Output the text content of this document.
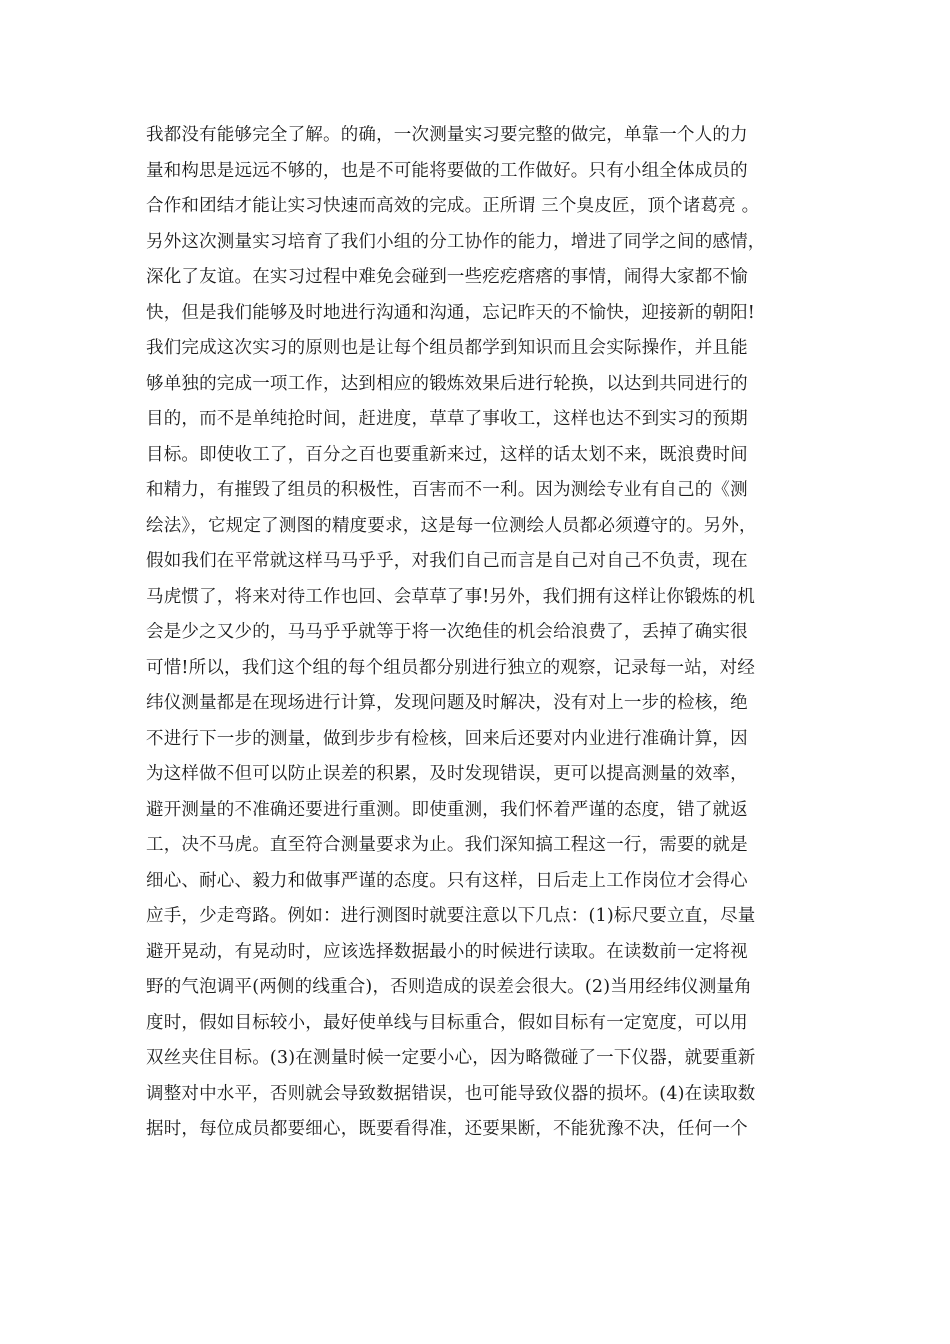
我都没有能够完全了解。的确，一次测量实习要完整的做完，单靠一个人的力
量和构思是远远不够的，也是不可能将要做的工作做好。只有小组全体成员的
合作和团结才能让实习快速而高效的完成。正所谓 三个臭皮匠，顶个诸葛亮 。
另外这次测量实习培育了我们小组的分工协作的能力，增进了同学之间的感情，
深化了友谊。在实习过程中难免会碰到一些疙疙瘩瘩的事情，闹得大家都不愉
快，但是我们能够及时地进行沟通和沟通，忘记昨天的不愉快，迎接新的朝阳!
我们完成这次实习的原则也是让每个组员都学到知识而且会实际操作，并且能
够单独的完成一项工作，达到相应的锻炼效果后进行轮换，以达到共同进行的
目的，而不是单纯抢时间，赶进度，草草了事收工，这样也达不到实习的预期
目标。即使收工了，百分之百也要重新来过，这样的话太划不来，既浪费时间
和精力，有摧毁了组员的积极性，百害而不一利。因为测绘专业有自己的《测
绘法》，它规定了测图的精度要求，这是每一位测绘人员都必须遵守的。另外，
假如我们在平常就这样马马乎乎，对我们自己而言是自己对自己不负责，现在
马虎惯了，将来对待工作也回、会草草了事!另外，我们拥有这样让你锻炼的机
会是少之又少的，马马乎乎就等于将一次绝佳的机会给浪费了，丢掉了确实很
可惜!所以，我们这个组的每个组员都分别进行独立的观察，记录每一站，对经
纬仪测量都是在现场进行计算，发现问题及时解决，没有对上一步的检核，绝
不进行下一步的测量，做到步步有检核，回来后还要对内业进行准确计算，因
为这样做不但可以防止误差的积累，及时发现错误，更可以提高测量的效率，
避开测量的不准确还要进行重测。即使重测，我们怀着严谨的态度，错了就返
工，决不马虎。直至符合测量要求为止。我们深知搞工程这一行，需要的就是
细心、耐心、毅力和做事严谨的态度。只有这样，日后走上工作岗位才会得心
应手，少走弯路。例如：进行测图时就要注意以下几点：(1)标尺要立直，尽量
避开晃动，有晃动时，应该选择数据最小的时候进行读取。在读数前一定将视
野的气泡调平(两侧的线重合)，否则造成的误差会很大。(2)当用经纬仪测量角
度时，假如目标较小，最好使单线与目标重合，假如目标有一定宽度，可以用
双丝夹住目标。(3)在测量时候一定要小心，因为略微碰了一下仪器，就要重新
调整对中水平，否则就会导致数据错误，也可能导致仪器的损坏。(4)在读取数
据时，每位成员都要细心，既要看得准，还要果断，不能犹豫不决，任何一个
